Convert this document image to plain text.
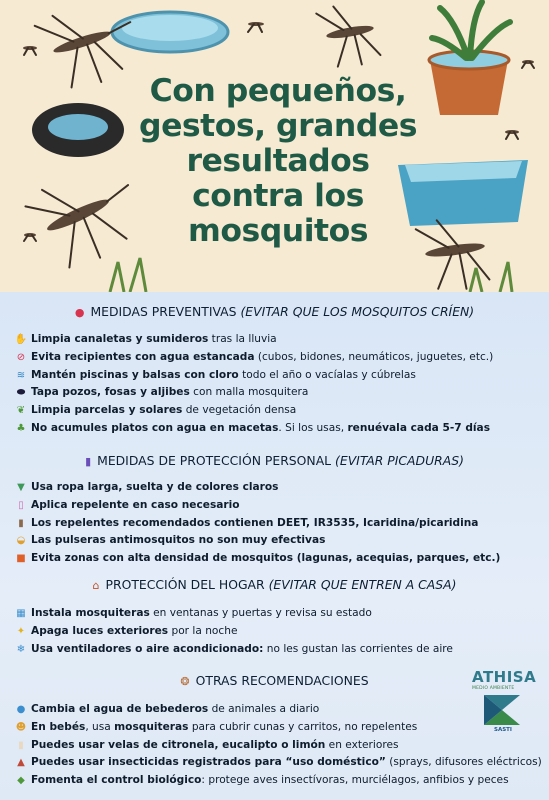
Con pequeños,
gestos, grandes
resultados
contra los
mosquitos
● MEDIDAS PREVENTIVAS (EVITAR QUE LOS MOSQUITOS CRÍEN)
✋ Limpia canaletas y sumideros tras la lluvia
⊘ Evita recipientes con agua estancada (cubos, bidones, neumáticos, juguetes, etc.)
≋ Mantén piscinas y balsas con cloro todo el año o vacíalas y cúbrelas
⬬ Tapa pozos, fosas y aljibes con malla mosquitera
❦ Limpia parcelas y solares de vegetación densa
♣ No acumules platos con agua en macetas. Si los usas, renuévala cada 5-7 días
▮ MEDIDAS DE PROTECCIÓN PERSONAL (EVITAR PICADURAS)
▼ Usa ropa larga, suelta y de colores claros
▯ Aplica repelente en caso necesario
▮ Los repelentes recomendados contienen DEET, IR3535, Icaridina/picaridina
◒ Las pulseras antimosquitos no son muy efectivas
■ Evita zonas con alta densidad de mosquitos (lagunas, acequias, parques, etc.)
⌂ PROTECCIÓN DEL HOGAR (EVITAR QUE ENTREN A CASA)
▦ Instala mosquiteras en ventanas y puertas y revisa su estado
✦ Apaga luces exteriores por la noche
❄ Usa ventiladores o aire acondicionado: no les gustan las corrientes de aire
❂ OTRAS RECOMENDACIONES
● Cambia el agua de bebederos de animales a diario
☻ En bebés, usa mosquiteras para cubrir cunas y carritos, no repelentes
▮ Puedes usar velas de citronela, eucalipto o limón en exteriores
▲ Puedes usar insecticidas registrados para “uso doméstico” (sprays, difusores eléctricos)
◆ Fomenta el control biológico: protege aves insectívoras, murciélagos, anfibios y peces
ATHISA
MEDIO AMBIENTE
SASTI
